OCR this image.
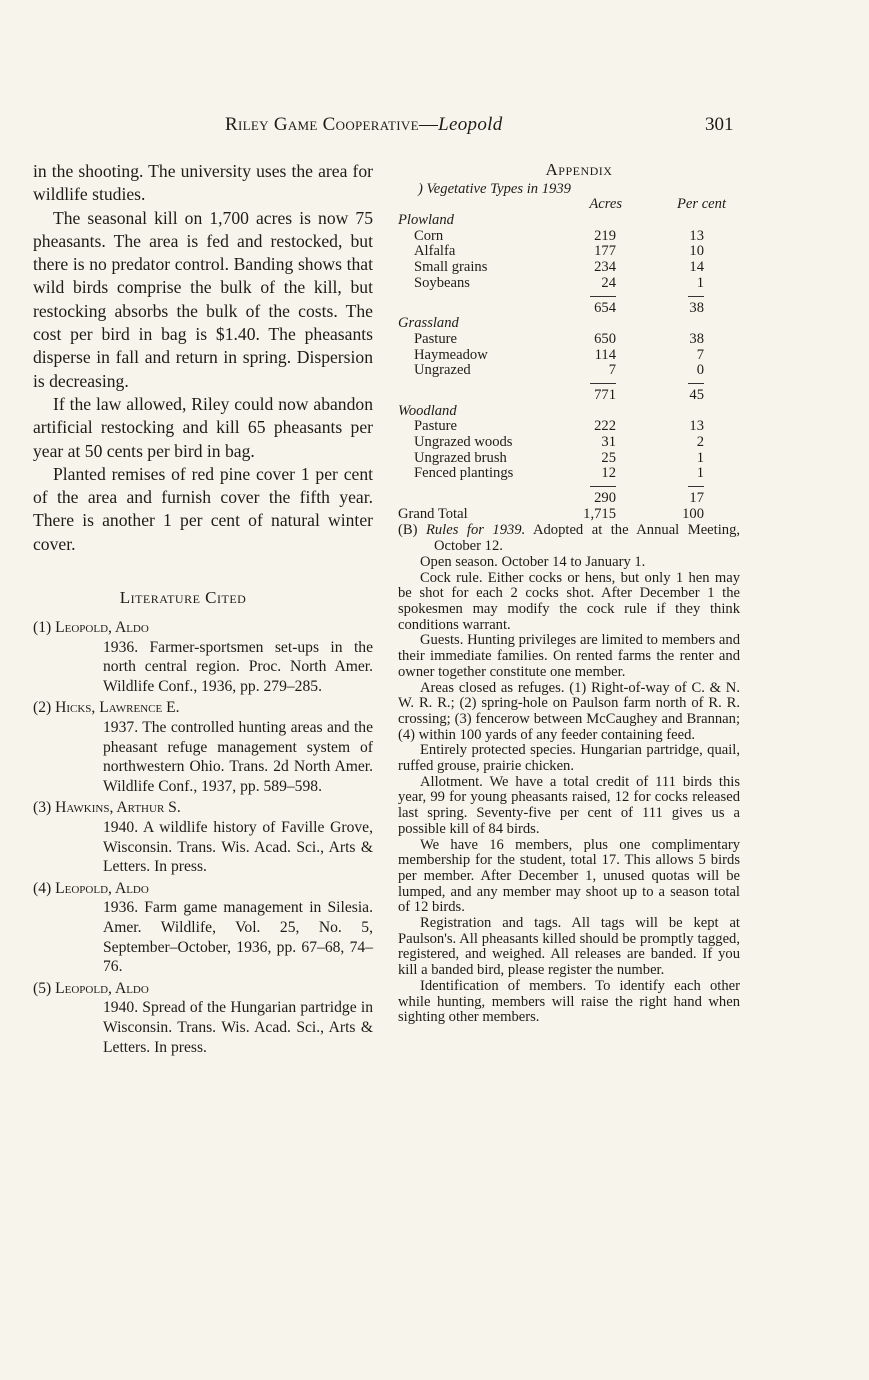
Riley Game Cooperative—Leopold	301

in the shooting. The university uses the area for wildlife studies.

The seasonal kill on 1,700 acres is now 75 pheasants. The area is fed and restocked, but there is no predator control. Banding shows that wild birds comprise the bulk of the kill, but restocking absorbs the bulk of the costs. The cost per bird in bag is $1.40. The pheasants disperse in fall and return in spring. Dispersion is decreasing.

If the law allowed, Riley could now abandon artificial restocking and kill 65 pheasants per year at 50 cents per bird in bag.

Planted remises of red pine cover 1 per cent of the area and furnish cover the fifth year. There is another 1 per cent of natural winter cover.

Literature Cited
(1) Leopold, Aldo
1936. Farmer-sportsmen set-ups in the north central region. Proc. North Amer. Wildlife Conf., 1936, pp. 279–285.
(2) Hicks, Lawrence E.
1937. The controlled hunting areas and the pheasant refuge management system of northwestern Ohio. Trans. 2d North Amer. Wildlife Conf., 1937, pp. 589–598.
(3) Hawkins, Arthur S.
1940. A wildlife history of Faville Grove, Wisconsin. Trans. Wis. Acad. Sci., Arts & Letters. In press.
(4) Leopold, Aldo
1936. Farm game management in Silesia. Amer. Wildlife, Vol. 25, No. 5, September–October, 1936, pp. 67–68, 74–76.
(5) Leopold, Aldo
1940. Spread of the Hungarian partridge in Wisconsin. Trans. Wis. Acad. Sci., Arts & Letters. In press.
Appendix
) Vegetative Types in 1939
Acres	Per cent
Plowland
Corn	219	13
Alfalfa	177	10
Small grains	234	14
Soybeans	24	1
654	38
Grassland
Pasture	650	38
Haymeadow	114	7
Ungrazed	7	0
771	45
Woodland
Pasture	222	13
Ungrazed woods	31	2
Ungrazed brush	25	1
Fenced plantings	12	1
290	17
Grand Total	1,715	100

(B) Rules for 1939. Adopted at the Annual Meeting, October 12.

Open season. October 14 to January 1.

Cock rule. Either cocks or hens, but only 1 hen may be shot for each 2 cocks shot. After December 1 the spokesmen may modify the cock rule if they think conditions warrant.

Guests. Hunting privileges are limited to members and their immediate families. On rented farms the renter and owner together constitute one member.

Areas closed as refuges. (1) Right-of-way of C. & N. W. R. R.; (2) spring-hole on Paulson farm north of R. R. crossing; (3) fencerow between McCaughey and Brannan; (4) within 100 yards of any feeder containing feed.

Entirely protected species. Hungarian partridge, quail, ruffed grouse, prairie chicken.

Allotment. We have a total credit of 111 birds this year, 99 for young pheasants raised, 12 for cocks released last spring. Seventy-five per cent of 111 gives us a possible kill of 84 birds.

We have 16 members, plus one complimentary membership for the student, total 17. This allows 5 birds per member. After December 1, unused quotas will be lumped, and any member may shoot up to a season total of 12 birds.

Registration and tags. All tags will be kept at Paulson's. All pheasants killed should be promptly tagged, registered, and weighed. All releases are banded. If you kill a banded bird, please register the number.

Identification of members. To identify each other while hunting, members will raise the right hand when sighting other members.
